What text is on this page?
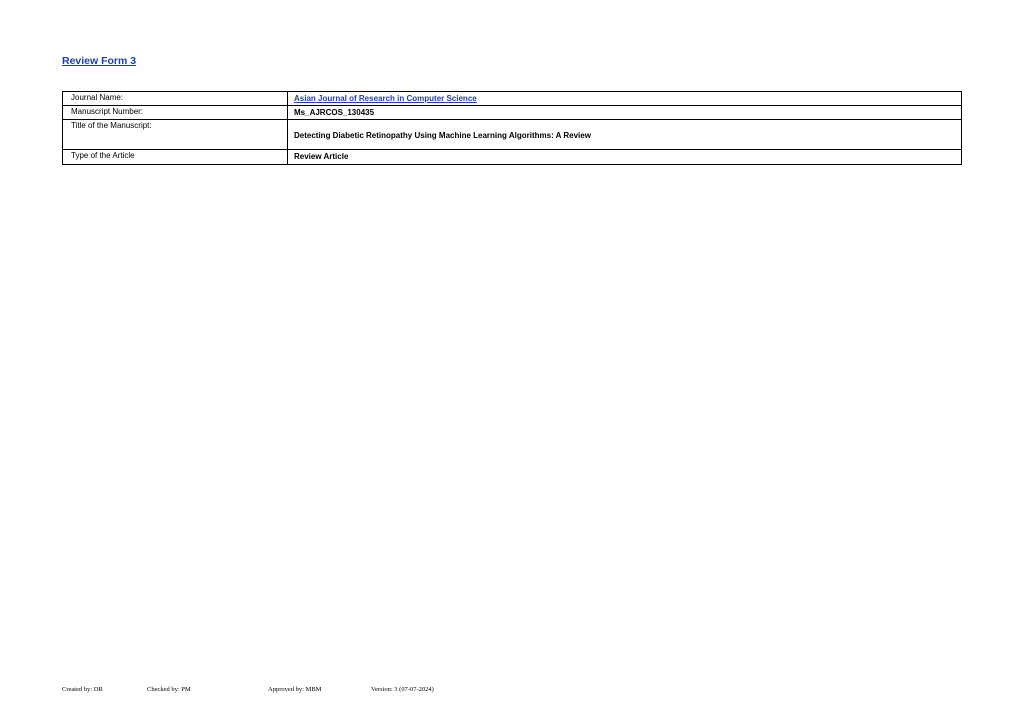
Review Form 3
Journal Name:	Asian Journal of Research in Computer Science
Manuscript Number:	Ms_AJRCOS_130435
Title of the Manuscript:	Detecting Diabetic Retinopathy Using Machine Learning Algorithms: A Review
Type of the Article	Review Article
Created by: DR	Checked by: PM	Approved by: MBM	Version: 3 (07-07-2024)
